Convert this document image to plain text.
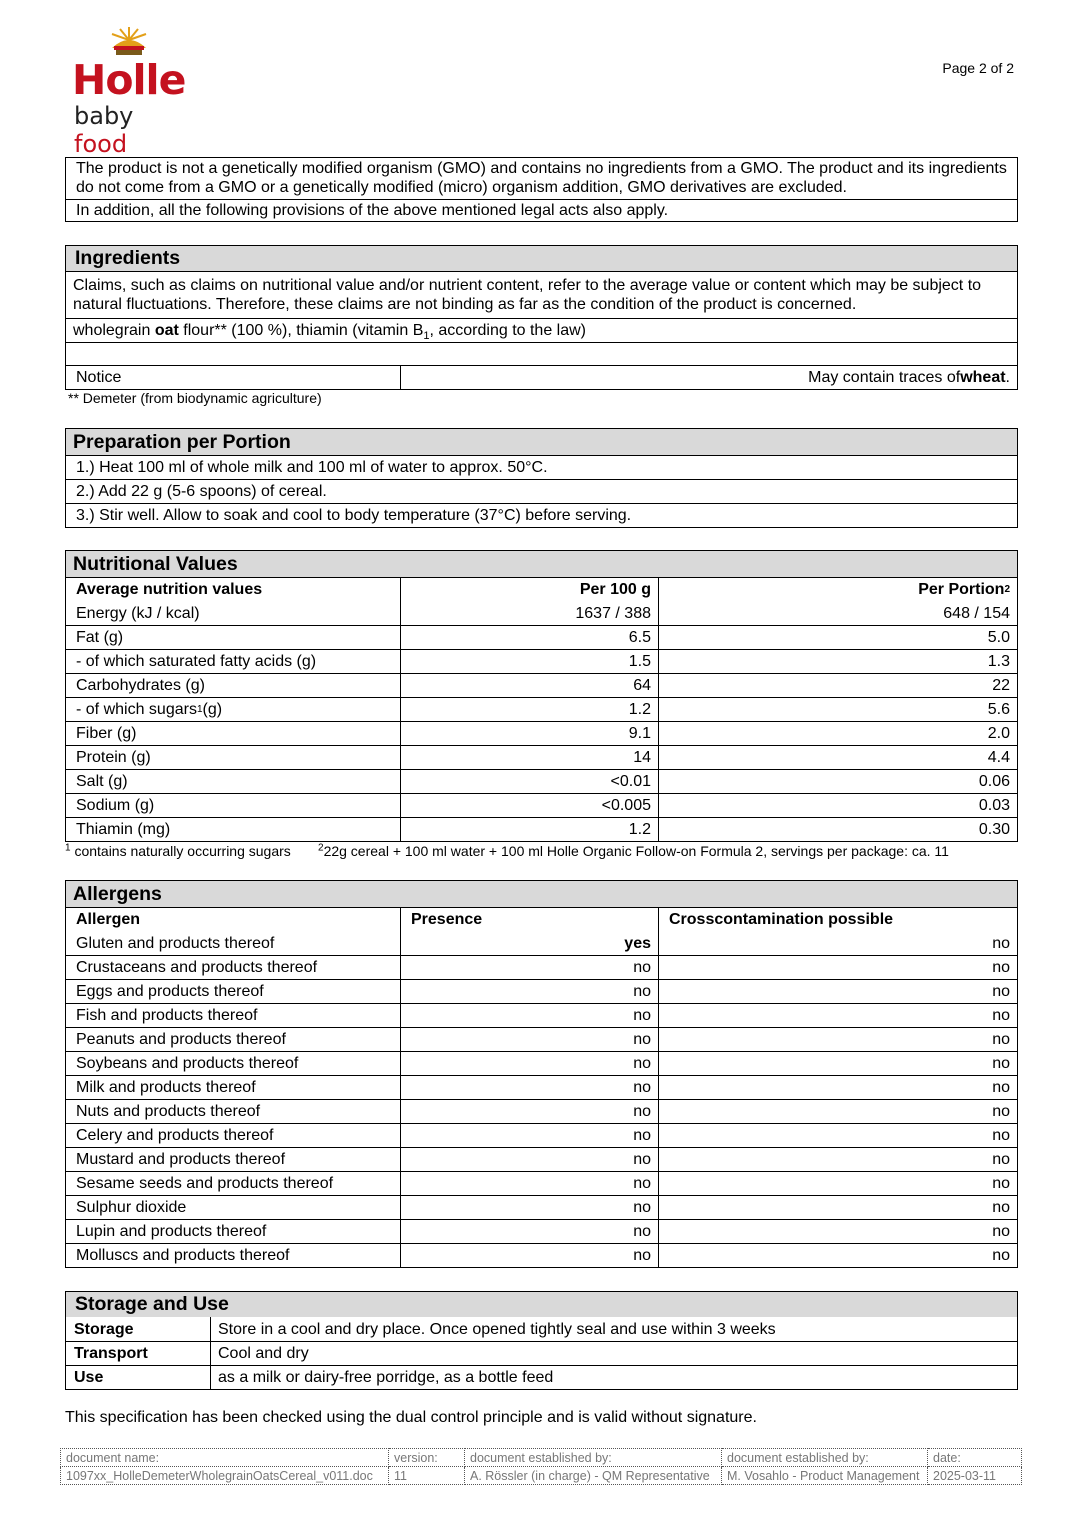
Holle
baby food
Page 2 of 2
The product is not a genetically modified organism (GMO) and contains no ingredients from a GMO. The product and its ingredients do not come from a GMO or a genetically modified (micro) organism addition, GMO derivatives are excluded.
In addition, all the following provisions of the above mentioned legal acts also apply.
Ingredients
Claims, such as claims on nutritional value and/or nutrient content, refer to the average value or content which may be subject to natural fluctuations. Therefore, these claims are not binding as far as the condition of the product is concerned.
wholegrain oat flour** (100 %), thiamin (vitamin $B_1$, according to the law)
Notice	May contain traces of wheat .
** Demeter (from biodynamic agriculture)
Preparation per Portion
1.) Heat 100 ml of whole milk and 100 ml of water to approx. 50°C.
2.) Add 22 g (5-6 spoons) of cereal.
3.) Stir well. Allow to soak and cool to body temperature (37°C) before serving.
Nutritional Values
Average nutrition values	Per 100 g	Per Portion 2
Energy (kJ / kcal)	1637 / 388	648 / 154
Fat (g)	6.5	5.0
- of which saturated fatty acids (g)	1.5	1.3
Carbohydrates (g)	64	22
- of which sugars 1 (g)	1.2	5.6
Fiber (g)	9.1	2.0
Protein (g)	14	4.4
Salt (g)	<0.01	0.06
Sodium (g)	<0.005	0.03
Thiamin (mg)	1.2	0.30
$^1$ contains naturally occurring sugars	$^2$22g cereal + 100 ml water + 100 ml Holle Organic Follow-on Formula 2, servings per package: ca. 11
Allergens
Allergen	Presence	Crosscontamination possible
Gluten and products thereof	yes	no
Crustaceans and products thereof	no	no
Eggs and products thereof	no	no
Fish and products thereof	no	no
Peanuts and products thereof	no	no
Soybeans and products thereof	no	no
Milk and products thereof	no	no
Nuts and products thereof	no	no
Celery and products thereof	no	no
Mustard and products thereof	no	no
Sesame seeds and products thereof	no	no
Sulphur dioxide	no	no
Lupin and products thereof	no	no
Molluscs and products thereof	no	no
Storage and Use
Storage	Store in a cool and dry place. Once opened tightly seal and use within 3 weeks
Transport	Cool and dry
Use	as a milk or dairy-free porridge, as a bottle feed
This specification has been checked using the dual control principle and is valid without signature.
document name:	version:	document established by:	document established by:	date:
1097xx_HolleDemeterWholegrainOatsCereal_v011.doc	11	A. Rössler (in charge) - QM Representative	M. Vosahlo - Product Management	2025-03-11
